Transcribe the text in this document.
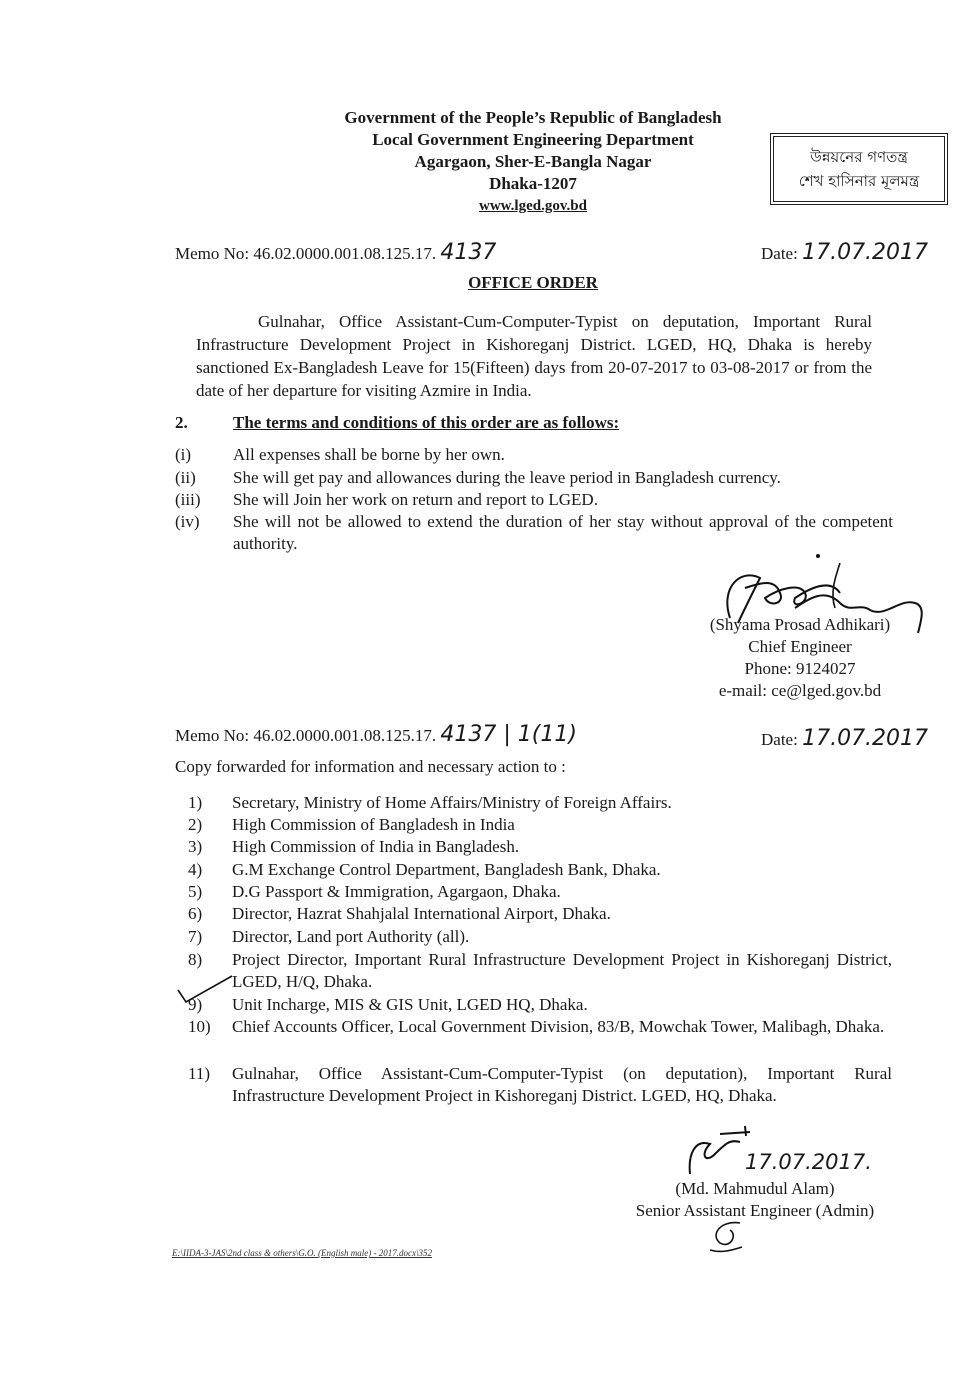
Government of the People’s Republic of Bangladesh
Local Government Engineering Department
Agargaon, Sher-E-Bangla Nagar
Dhaka-1207
www.lged.gov.bd
উন্নয়নের গণতন্ত্র
শেখ হাসিনার মূলমন্ত্র
Memo No: 46.02.0000.001.08.125.17. 4137	Date: 17.07.2017
OFFICE ORDER
Gulnahar, Office Assistant-Cum-Computer-Typist on deputation, Important Rural Infrastructure Development Project in Kishoreganj District. LGED, HQ, Dhaka is hereby sanctioned Ex-Bangladesh Leave for 15(Fifteen) days from 20-07-2017 to 03-08-2017 or from the date of her departure for visiting Azmire in India.
2.	The terms and conditions of this order are as follows:
(i) All expenses shall be borne by her own.
(ii) She will get pay and allowances during the leave period in Bangladesh currency.
(iii) She will Join her work on return and report to LGED.
(iv) She will not be allowed to extend the duration of her stay without approval of the competent authority.
(Shyama Prosad Adhikari)
Chief Engineer
Phone: 9124027
e-mail: ce@lged.gov.bd
Memo No: 46.02.0000.001.08.125.17. 4137 | 1(11)	Date: 17.07.2017
Copy forwarded for information and necessary action to :
1) Secretary, Ministry of Home Affairs/Ministry of Foreign Affairs.
2) High Commission of Bangladesh in India
3) High Commission of India in Bangladesh.
4) G.M Exchange Control Department, Bangladesh Bank, Dhaka.
5) D.G Passport & Immigration, Agargaon, Dhaka.
6) Director, Hazrat Shahjalal International Airport, Dhaka.
7) Director, Land port Authority (all).
8) Project Director, Important Rural Infrastructure Development Project in Kishoreganj District, LGED, H/Q, Dhaka.
9) Unit Incharge, MIS & GIS Unit, LGED HQ, Dhaka.
10) Chief Accounts Officer, Local Government Division, 83/B, Mowchak Tower, Malibagh, Dhaka.
11) Gulnahar, Office Assistant-Cum-Computer-Typist (on deputation), Important Rural Infrastructure Development Project in Kishoreganj District. LGED, HQ, Dhaka.
17.07.2017.
(Md. Mahmudul Alam)
Senior Assistant Engineer (Admin)
E:\IIDA-3-JAS\2nd class & others\G.O. (English male) - 2017.docx\352
